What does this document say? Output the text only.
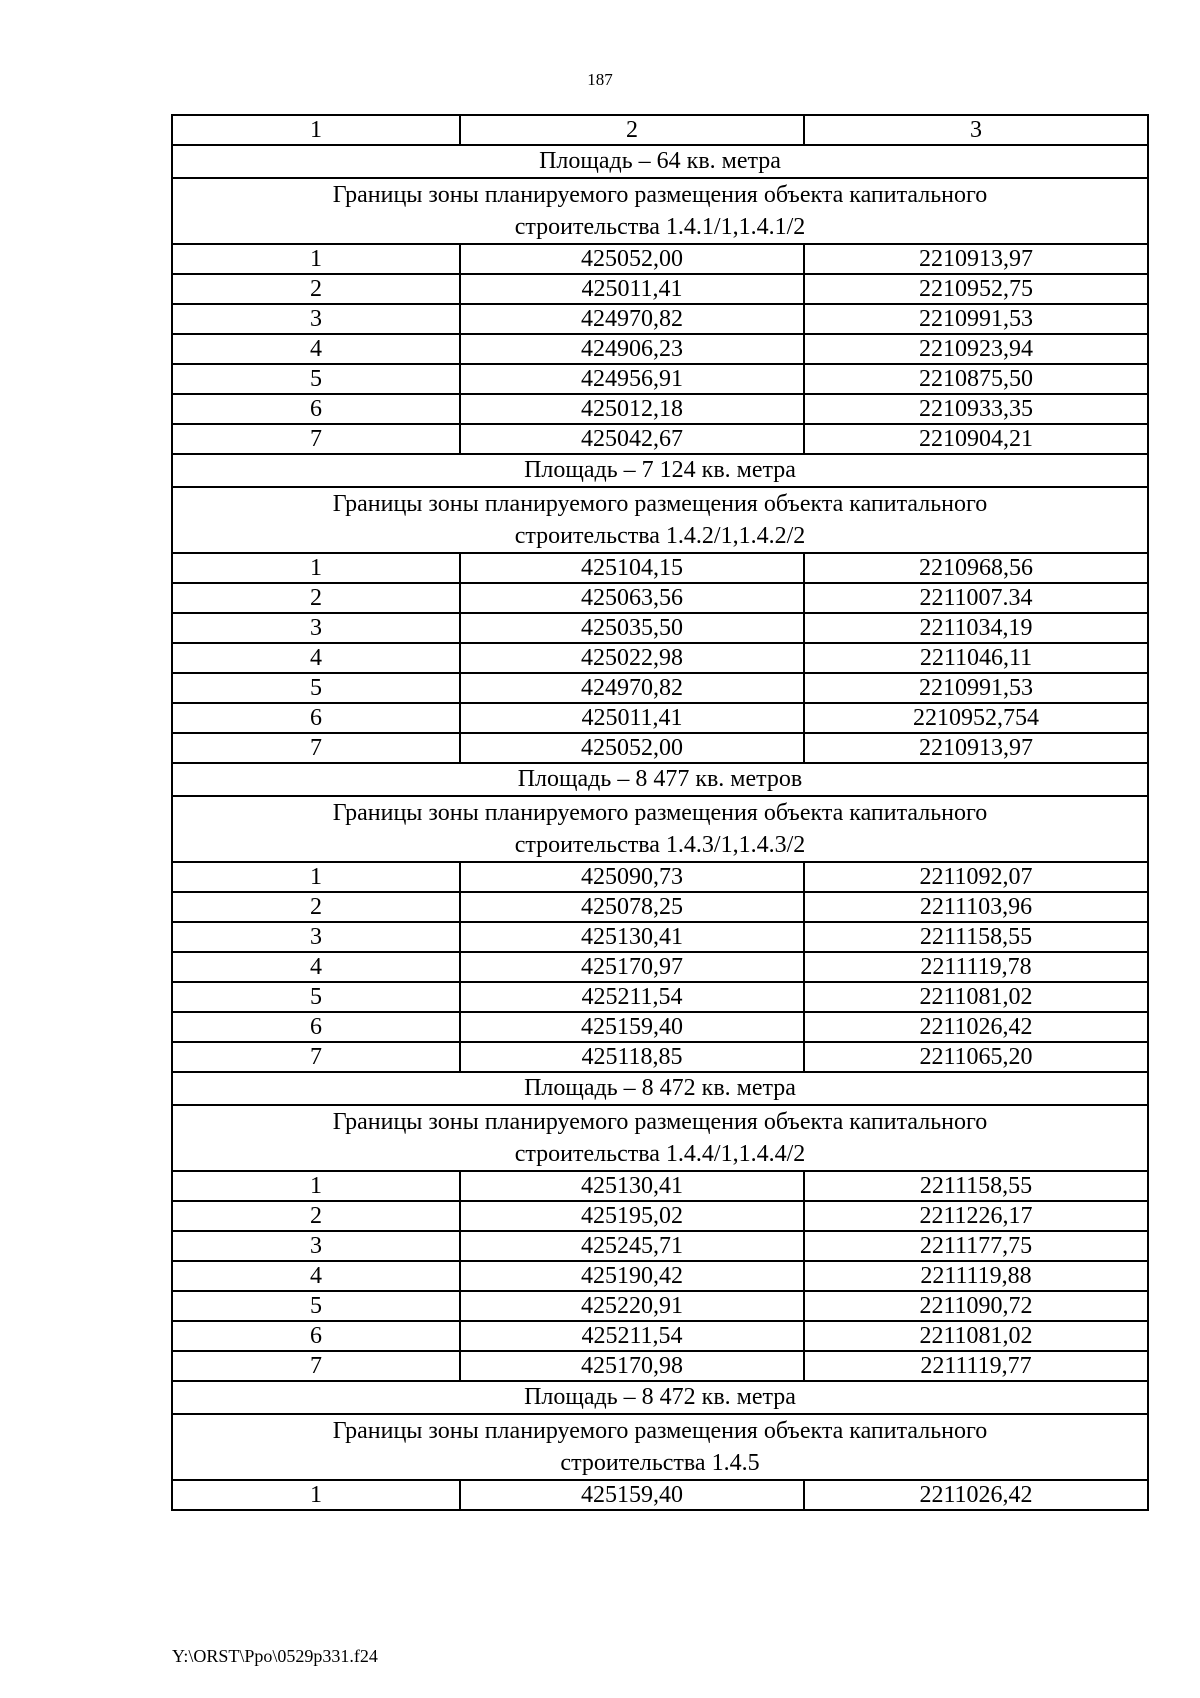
187
1	2	3
Площадь – 64 кв. метра		

Границы зоны планируемого размещения объекта капитального
строительства 1.4.1/1,1.4.1/2		

1	425052,00	2210913,97
2	425011,41	2210952,75
3	424970,82	2210991,53
4	424906,23	2210923,94
5	424956,91	2210875,50
6	425012,18	2210933,35
7	425042,67	2210904,21
Площадь – 7 124 кв. метра		

Границы зоны планируемого размещения объекта капитального
строительства 1.4.2/1,1.4.2/2		

1	425104,15	2210968,56
2	425063,56	2211007.34
3	425035,50	2211034,19
4	425022,98	2211046,11
5	424970,82	2210991,53
6	425011,41	2210952,754
7	425052,00	2210913,97
Площадь – 8 477 кв. метров		

Границы зоны планируемого размещения объекта капитального
строительства 1.4.3/1,1.4.3/2		

1	425090,73	2211092,07
2	425078,25	2211103,96
3	425130,41	2211158,55
4	425170,97	2211119,78
5	425211,54	2211081,02
6	425159,40	2211026,42
7	425118,85	2211065,20
Площадь – 8 472 кв. метра		

Границы зоны планируемого размещения объекта капитального
строительства 1.4.4/1,1.4.4/2		

1	425130,41	2211158,55
2	425195,02	2211226,17
3	425245,71	2211177,75
4	425190,42	2211119,88
5	425220,91	2211090,72
6	425211,54	2211081,02
7	425170,98	2211119,77
Площадь – 8 472 кв. метра		

Границы зоны планируемого размещения объекта капитального
строительства 1.4.5		

1	425159,40	2211026,42
Y:\ORST\Ppo\0529p331.f24
